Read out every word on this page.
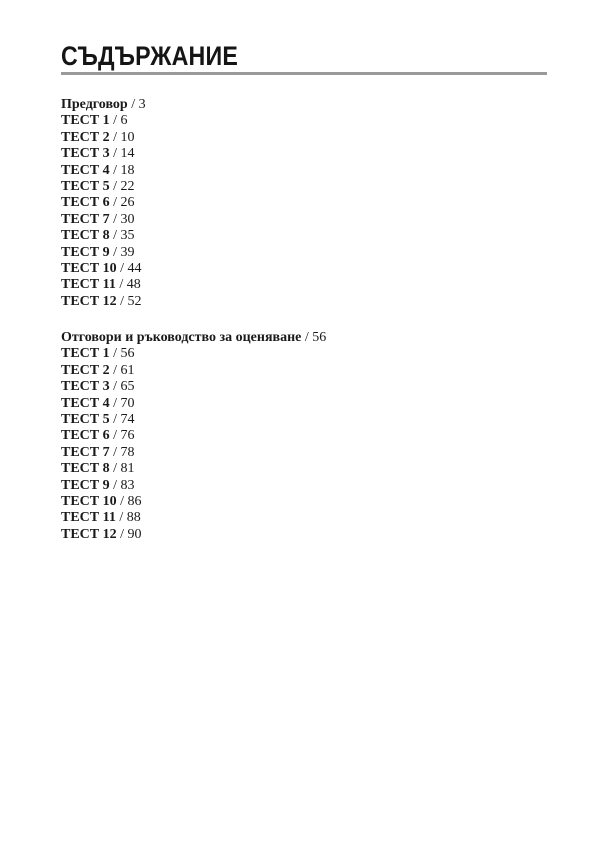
СЪДЪРЖАНИЕ
Предговор / 3
ТЕСТ 1 / 6
ТЕСТ 2 / 10
ТЕСТ 3 / 14
ТЕСТ 4 / 18
ТЕСТ 5 / 22
ТЕСТ 6 / 26
ТЕСТ 7 / 30
ТЕСТ 8 / 35
ТЕСТ 9 / 39
ТЕСТ 10 / 44
ТЕСТ 11 / 48
ТЕСТ 12 / 52
Отговори и ръководство за оценяване / 56
ТЕСТ 1 / 56
ТЕСТ 2 / 61
ТЕСТ 3 / 65
ТЕСТ 4 / 70
ТЕСТ 5 / 74
ТЕСТ 6 / 76
ТЕСТ 7 / 78
ТЕСТ 8 / 81
ТЕСТ 9 / 83
ТЕСТ 10 / 86
ТЕСТ 11 / 88
ТЕСТ 12 / 90
